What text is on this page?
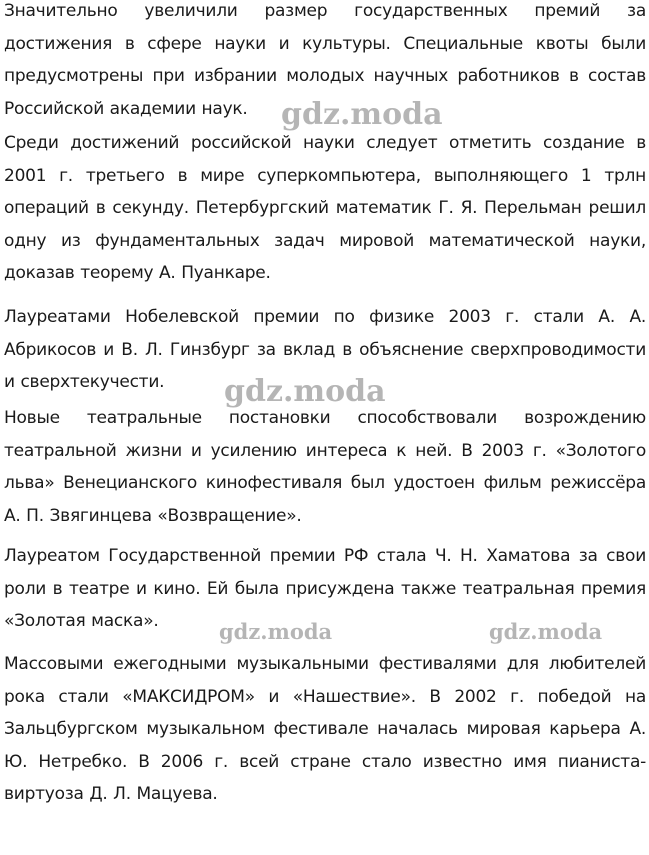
Значительно увеличили размер государственных премий за достижения в сфере науки и культуры. Специальные квоты были предусмотрены при избрании молодых научных работников в состав Российской академии наук.

Среди достижений российской науки следует отметить создание в 2001 г. третьего в мире суперкомпьютера, выполняющего 1 трлн операций в секунду. Петербургский математик Г. Я. Перельман решил одну из фундаментальных задач мировой математической науки, доказав теорему А. Пуанкаре.

Лауреатами Нобелевской премии по физике 2003 г. стали А. А. Абрикосов и В. Л. Гинзбург за вклад в объяснение сверхпроводимости и сверхтекучести.

Новые театральные постановки способствовали возрождению театральной жизни и усилению интереса к ней. В 2003 г. «Золотого льва» Венецианского кинофестиваля был удостоен фильм режиссёра А. П. Звягинцева «Возвращение».

Лауреатом Государственной премии РФ стала Ч. Н. Хаматова за свои роли в театре и кино. Ей была присуждена также театральная премия «Золотая маска».

Массовыми ежегодными музыкальными фестивалями для любителей рока стали «МАКСИДРОМ» и «Нашествие». В 2002 г. победой на Зальцбургском музыкальном фестивале началась мировая карьера А. Ю. Нетребко. В 2006 г. всей стране стало известно имя пианиста-виртуоза Д. Л. Мацуева.

gdz.moda
gdz.moda
gdz.moda	gdz.moda
